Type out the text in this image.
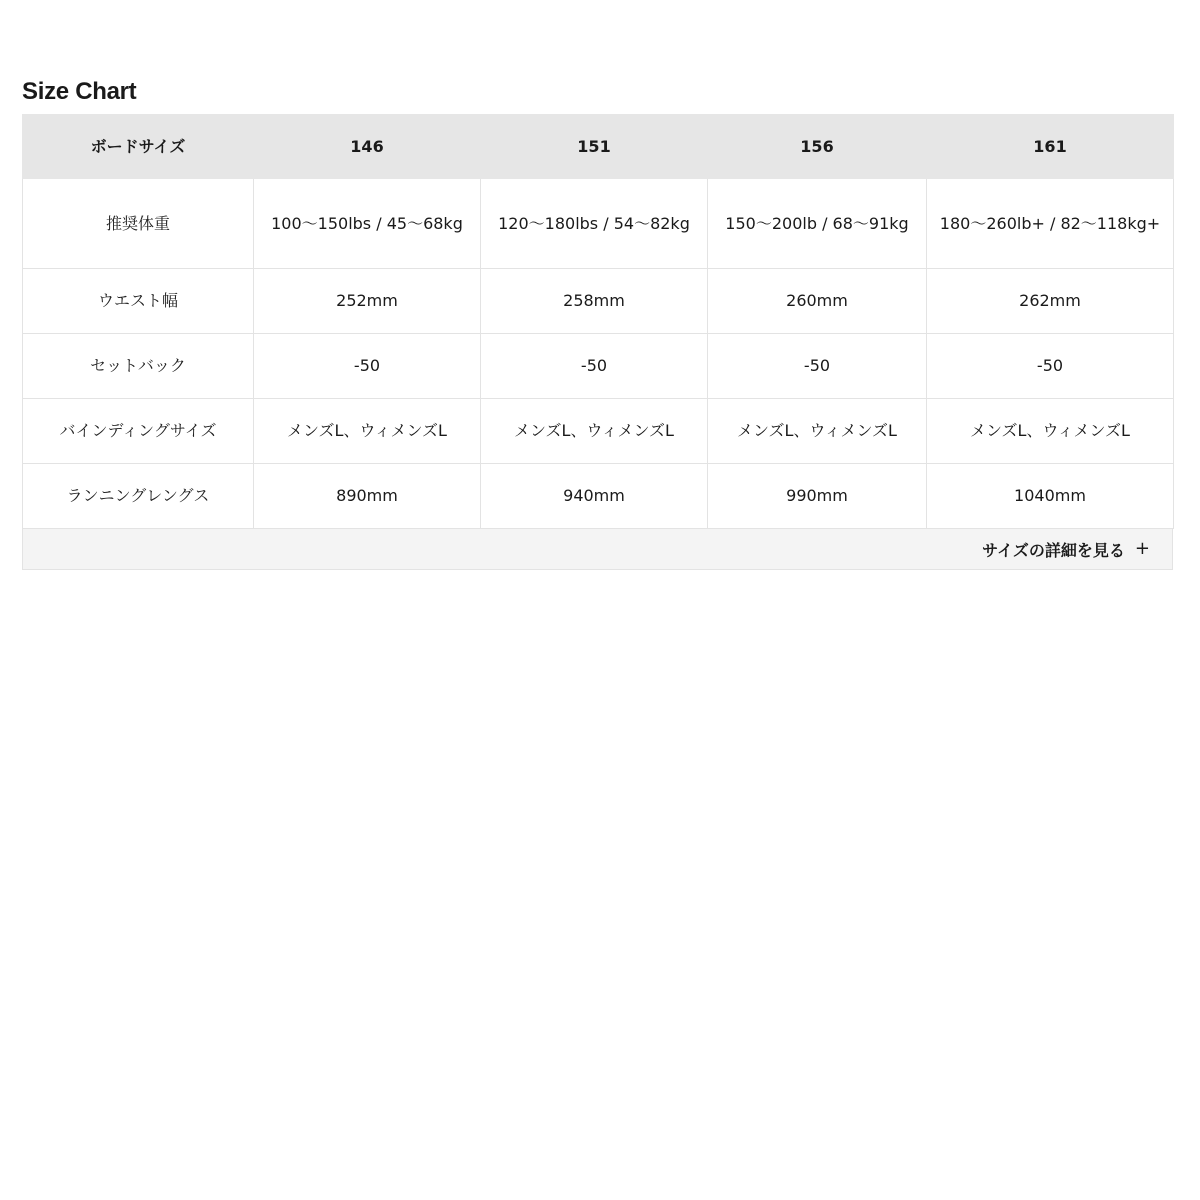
Size Chart
ボードサイズ	146	151	156	161
推奨体重	100〜150lbs / 45〜68kg	120〜180lbs / 54〜82kg	150〜200lb / 68〜91kg	180〜260lb+ / 82〜118kg+
ウエスト幅	252mm	258mm	260mm	262mm
セットバック	-50	-50	-50	-50
バインディングサイズ	メンズL、ウィメンズL	メンズL、ウィメンズL	メンズL、ウィメンズL	メンズL、ウィメンズL
ランニングレングス	890mm	940mm	990mm	1040mm
サイズの詳細を見る +
